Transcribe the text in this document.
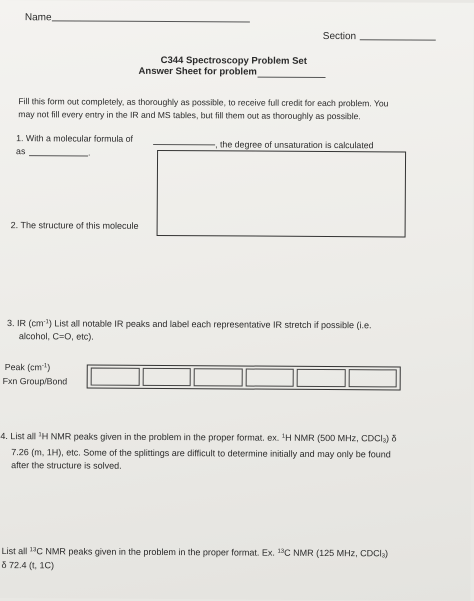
Name
Section
C344 Spectroscopy Problem Set
Answer Sheet for problem
Fill this form out completely, as thoroughly as possible, to receive full credit for each problem. You
may not fill every entry in the IR and MS tables, but fill them out as thoroughly as possible.
1. With a molecular formula of
, the degree of unsaturation is calculated
as	.
2. The structure of this molecule
3. IR $(cm^{-1})$ List all notable IR peaks and label each representative IR stretch if possible (i.e.
alcohol, C=O, etc).
Peak $(cm^{-1})$
Fxn Group/Bond
4. List all $^1$H NMR peaks given in the problem in the proper format. ex. $^1$H NMR (500 MHz, CDCl$_3$) δ
7.26 (m, 1H), etc. Some of the splittings are difficult to determine initially and may only be found
after the structure is solved.
List all $^{13}$C NMR peaks given in the problem in the proper format. Ex. $^{13}$C NMR (125 MHz, CDCl$_3$)
δ 72.4 (t, 1C)
